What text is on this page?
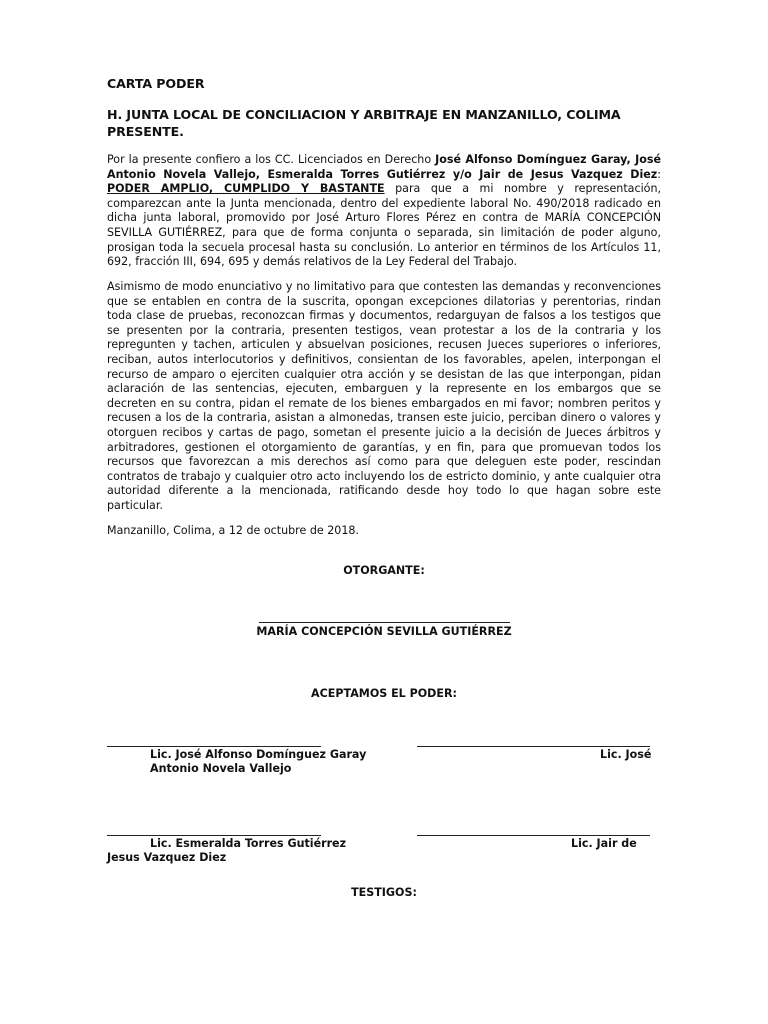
CARTA PODER
H. JUNTA LOCAL DE CONCILIACION Y ARBITRAJE EN MANZANILLO, COLIMA
PRESENTE.

Por la presente confiero a los CC. Licenciados en Derecho José Alfonso Domínguez Garay, José Antonio Novela Vallejo, Esmeralda Torres Gutiérrez y/o Jair de Jesus Vazquez Diez: PODER AMPLIO, CUMPLIDO Y BASTANTE para que a mi nombre y representación, comparezcan ante la Junta mencionada, dentro del expediente laboral No. 490/2018 radicado en dicha junta laboral, promovido por José Arturo Flores Pérez en contra de MARÍA CONCEPCIÓN SEVILLA GUTIÉRREZ, para que de forma conjunta o separada, sin limitación de poder alguno, prosigan toda la secuela procesal hasta su conclusión. Lo anterior en términos de los Artículos 11, 692, fracción III, 694, 695 y demás relativos de la Ley Federal del Trabajo.

Asimismo de modo enunciativo y no limitativo para que contesten las demandas y reconvenciones que se entablen en contra de la suscrita, opongan excepciones dilatorias y perentorias, rindan toda clase de pruebas, reconozcan firmas y documentos, redarguyan de falsos a los testigos que se presenten por la contraria, presenten testigos, vean protestar a los de la contraria y los repregunten y tachen, articulen y absuelvan posiciones, recusen Jueces superiores o inferiores, reciban, autos interlocutorios y definitivos, consientan de los favorables, apelen, interpongan el recurso de amparo o ejerciten cualquier otra acción y se desistan de las que interpongan, pidan aclaración de las sentencias, ejecuten, embarguen y la represente en los embargos que se decreten en su contra, pidan el remate de los bienes embargados en mi favor; nombren peritos y recusen a los de la contraria, asistan a almonedas, transen este juicio, perciban dinero o valores y otorguen recibos y cartas de pago, sometan el presente juicio a la decisión de Jueces árbitros y arbitradores, gestionen el otorgamiento de garantías, y en fin, para que promuevan todos los recursos que favorezcan a mis derechos así como para que deleguen este poder, rescindan contratos de trabajo y cualquier otro acto incluyendo los de estricto dominio, y ante cualquier otra autoridad diferente a la mencionada, ratificando desde hoy todo lo que hagan sobre este particular.

Manzanillo, Colima, a 12 de octubre de 2018.

OTORGANTE:

MARÍA CONCEPCIÓN SEVILLA GUTIÉRREZ

ACEPTAMOS EL PODER:

Lic. José Alfonso Domínguez Garay	Lic. José

Antonio Novela Vallejo

Lic. Esmeralda Torres Gutiérrez	Lic. Jair de

Jesus Vazquez Diez

TESTIGOS:
